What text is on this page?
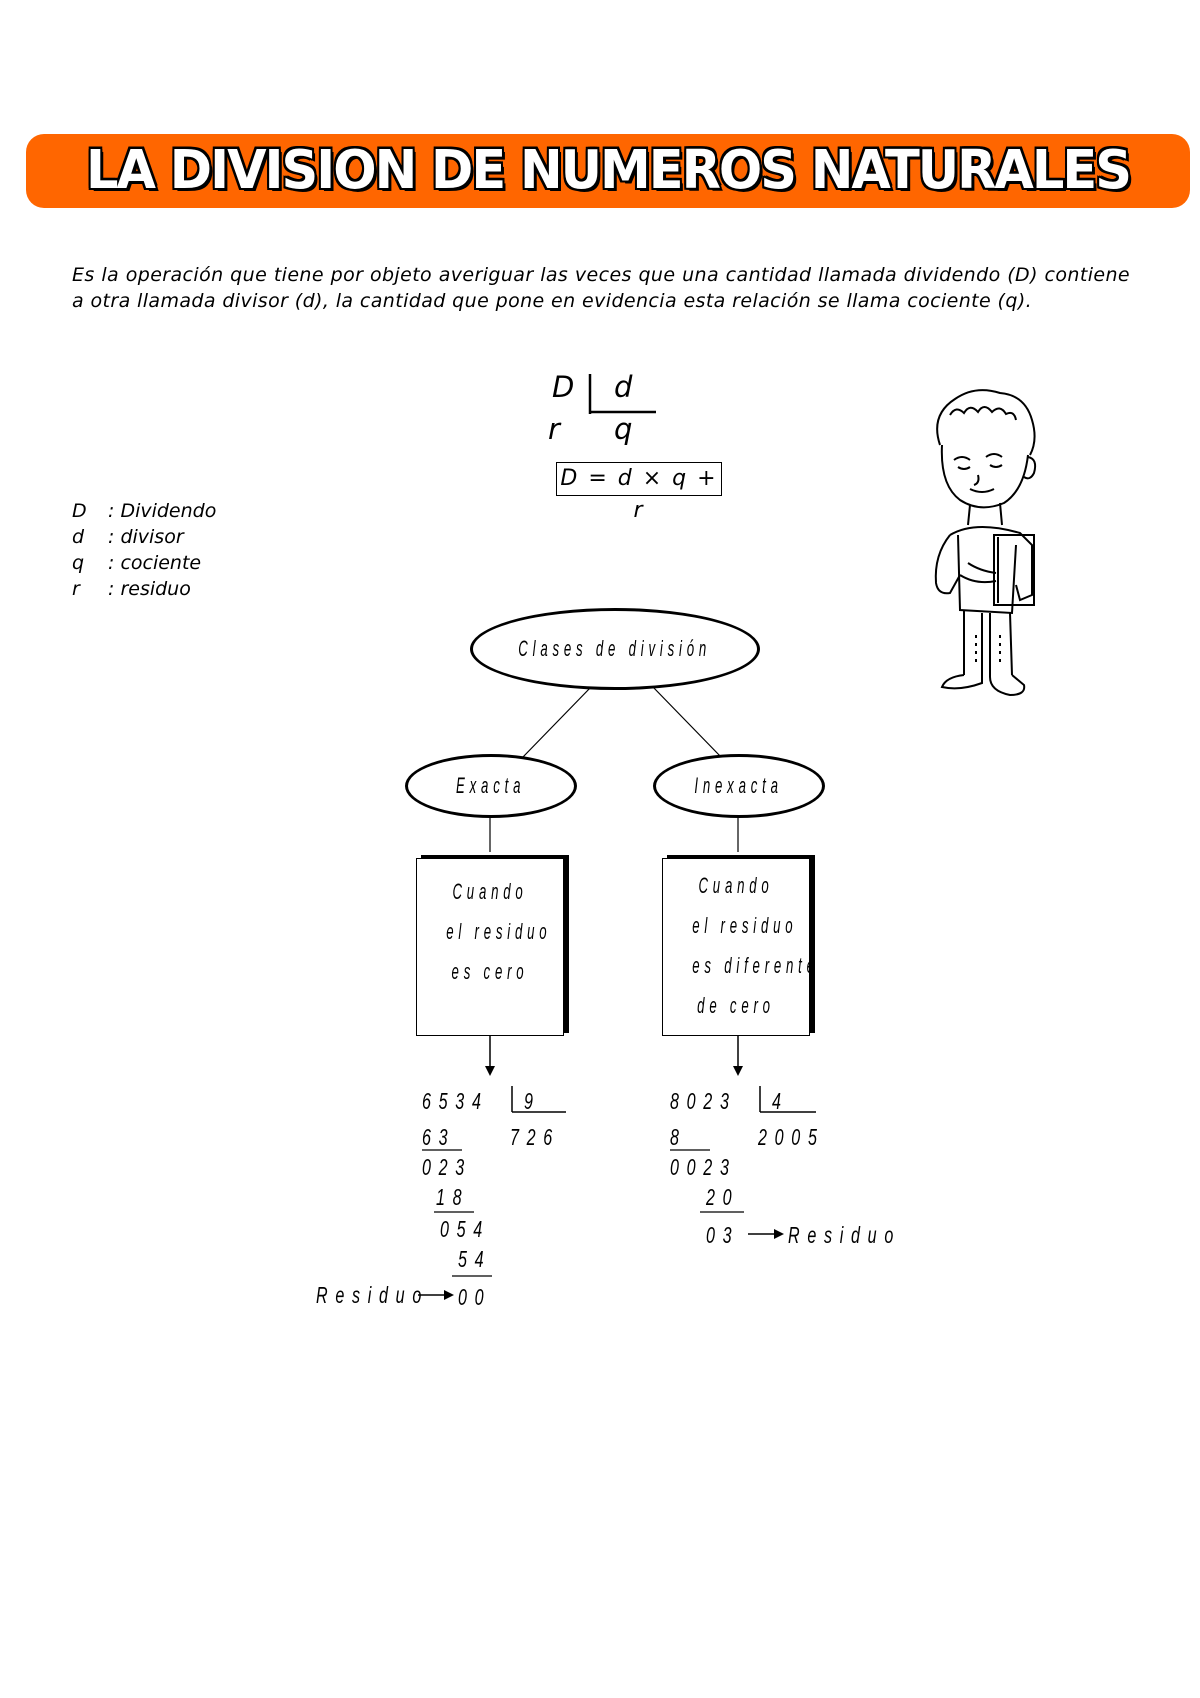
LA DIVISION DE NUMEROS NATURALES
Es la operación que tiene por objeto averiguar las veces que una cantidad llamada dividendo (D) contiene a otra llamada divisor (d), la cantidad que pone en evidencia esta relación se llama cociente (q).
D d
r q
D = d × q + r
D : Dividendo
d : divisor
q : cociente
r : residuo
Clases de división
Exacta	Inexacta
Cuando
el residuo
es cero
Cuando
el residuo
es diferente
de cero
6534 9
726
63
023
18
054
54
00
Residuo
8023 4
2005
8
0023
20
03 Residuo
